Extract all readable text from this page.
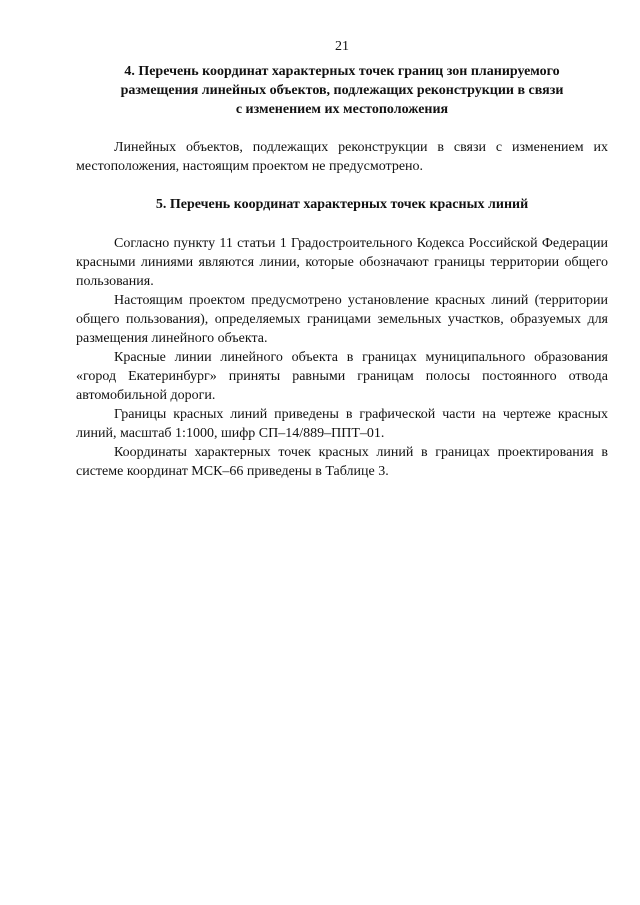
21
4. Перечень координат характерных точек границ зон планируемого
размещения линейных объектов, подлежащих реконструкции в связи
с изменением их местоположения

Линейных объектов, подлежащих реконструкции в связи с изменением их местоположения, настоящим проектом не предусмотрено.

5. Перечень координат характерных точек красных линий

Согласно пункту 11 статьи 1 Градостроительного Кодекса Российской Федерации красными линиями являются линии, которые обозначают границы территории общего пользования.

Настоящим проектом предусмотрено установление красных линий (территории общего пользования), определяемых границами земельных участков, образуемых для размещения линейного объекта.

Красные линии линейного объекта в границах муниципального образования «город Екатеринбург» приняты равными границам полосы постоянного отвода автомобильной дороги.

Границы красных линий приведены в графической части на чертеже красных линий, масштаб 1:1000, шифр СП–14/889–ППТ–01.

Координаты характерных точек красных линий в границах проектирования в системе координат МСК–66 приведены в Таблице 3.
